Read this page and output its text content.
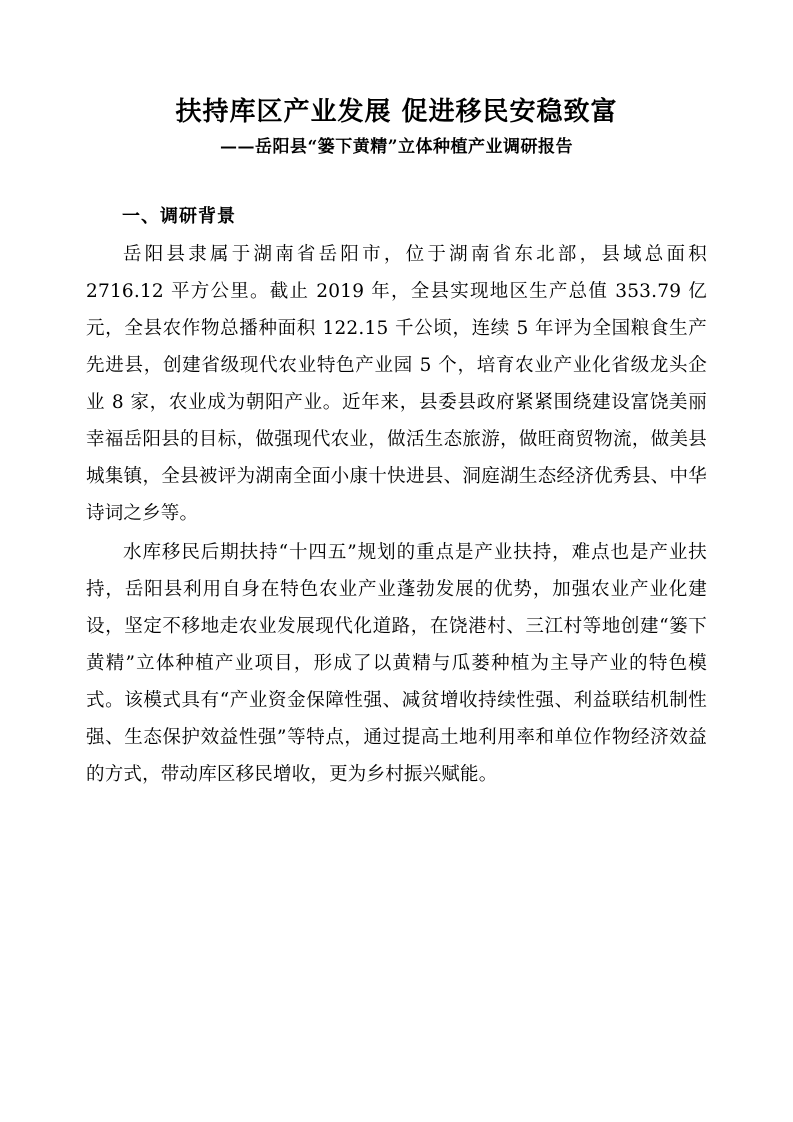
扶持库区产业发展 促进移民安稳致富
——岳阳县“篓下黄精”立体种植产业调研报告
一、调研背景

岳阳县隶属于湖南省岳阳市，位于湖南省东北部，县域总面积 2716.12 平方公里。截止 2019 年，全县实现地区生产总值 353.79 亿元，全县农作物总播种面积 122.15 千公顷，连续 5 年评为全国粮食生产先进县，创建省级现代农业特色产业园 5 个，培育农业产业化省级龙头企业 8 家，农业成为朝阳产业。近年来，县委县政府紧紧围绕建设富饶美丽幸福岳阳县的目标，做强现代农业，做活生态旅游，做旺商贸物流，做美县城集镇，全县被评为湖南全面小康十快进县、洞庭湖生态经济优秀县、中华诗词之乡等。

水库移民后期扶持“十四五”规划的重点是产业扶持，难点也是产业扶持，岳阳县利用自身在特色农业产业蓬勃发展的优势，加强农业产业化建设，坚定不移地走农业发展现代化道路，在饶港村、三江村等地创建“篓下黄精”立体种植产业项目，形成了以黄精与瓜蒌种植为主导产业的特色模式。该模式具有“产业资金保障性强、减贫增收持续性强、利益联结机制性强、生态保护效益性强”等特点，通过提高土地利用率和单位作物经济效益的方式，带动库区移民增收，更为乡村振兴赋能。
